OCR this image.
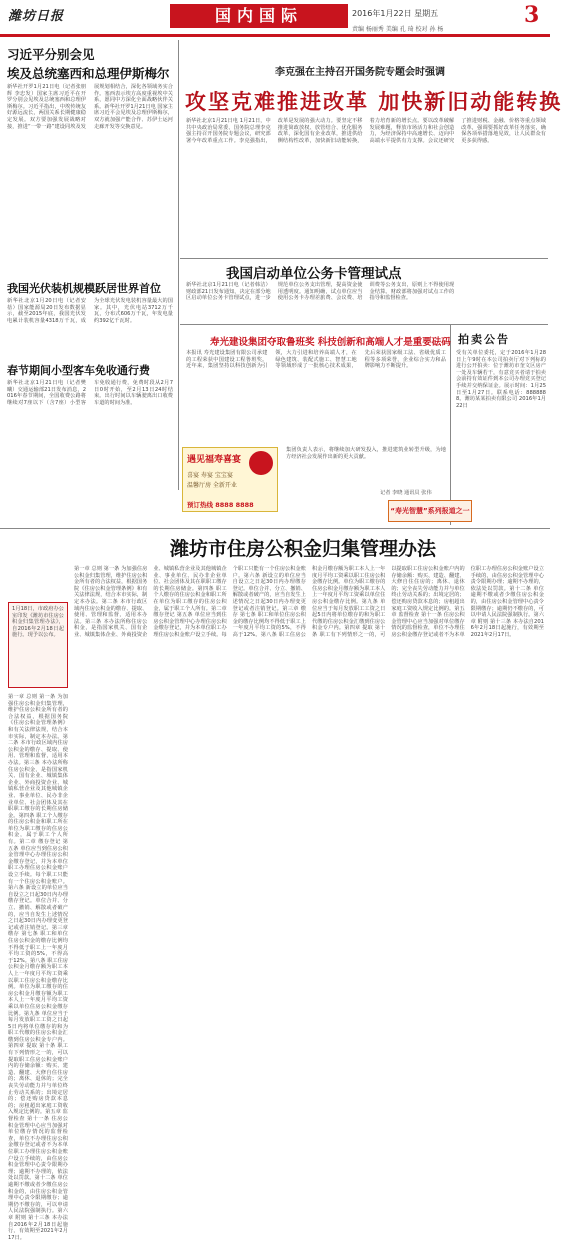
潍坊日报	国内国际	2016年1月22日 星期五	3
责编 杨丽秀 美编 孔 琦 校对 孙 杨
习近平分别会见
埃及总统塞西和总理伊斯梅尔
新华社开罗1月21日电（记者张朋辉 李忠发）国家主席习近平在开罗分别会见埃及总统塞西和总理伊斯梅尔。习近平指出，中埃传统友好源远流长，两国关系长期健康稳定发展。双方要加强发展战略对接，推进“一带一路”建设同埃及发展规划相结合，深化各领域务实合作。塞西表示埃方高度重视埃中关系，愿同中方深化全面战略伙伴关系。新华社开罗1月21日电 国家主席习近平会见埃及总理伊斯梅尔，双方就加强产能合作、苏伊士运河走廊开发等交换意见。
我国光伏装机规模跃居世界首位
新华社北京1月20日电（记者安蓓）国家能源局20日发布数据显示，截至2015年底，我国光伏发电累计装机容量4318万千瓦，成为全球光伏发电装机容量最大的国家。其中，光伏电站3712万千瓦，分布式606万千瓦，年发电量约392亿千瓦时。
春节期间小型客车免收通行费
新华社北京1月21日电（记者樊曦）交通运输部21日发布消息，2016年春节期间，全国收费公路将继续对7座以下（含7座）小型客车免收通行费，免费时段从2月7日0时开始，至2月13日24时结束。出行时间以车辆驶离出口收费车道的时间为准。
李克强在主持召开国务院专题会时强调
攻坚克难推进改革 加快新旧动能转换
新华社北京1月21日电 1月21日，中共中央政治局常委、国务院总理李克强主持召开国务院专题会议，研究部署今年改革重点工作。李克强指出，改革是发展的强大动力。要坚定不移推进简政放权、放管结合、优化服务改革，深化国有企业改革，推进供给侧结构性改革，加快新旧动能转换，着力培育新的增长点。要以改革破解发展难题，释放市场活力和社会创造力，为经济保持中高速增长、迈向中高端水平提供有力支撑。会议还研究了推进财税、金融、价格等重点领域改革，强调要抓好改革任务落实，确保各项举措落地见效，让人民群众有更多获得感。
我国启动单位公务卡管理试点
新华社北京1月21日电（记者韩洁）财政部21日发布通知，决定在部分地区启动单位公务卡管理试点，进一步规范单位公务支出管理，提高资金使用透明度。通知明确，试点单位应当使用公务卡办理差旅费、会议费、培训费等公务支出，原则上不得使用现金结算。财政部将加强对试点工作的指导和监督检查。
寿光建设集团夺取鲁班奖 科技创新和高端人才是重要砝码
本报讯 寿光建设集团有限公司承建的工程荣获中国建设工程鲁班奖。近年来，集团坚持以科技创新为引领，大力引进和培养高端人才，在绿色建筑、装配式施工、智慧工地等领域形成了一批核心技术成果，先后荣获国家级工法、省级优质工程等多项荣誉，企业综合实力和品牌影响力不断提升。
集团负责人表示，将继续加大研发投入，推进建筑业转型升级，为地方经济社会发展作出新的更大贡献。
记者 李晓 通讯员 张伟
“寿光智慧”系列报道之一
遇见福寿喜宴
喜宴 寿宴 宝宝宴
温馨厅房 全新开业
预订热线 8888 8888
拍卖公告
受有关单位委托，定于2016年1月28日上午9时在本公司拍卖厅对下列标的进行公开拍卖：位于潍坊市奎文区房产一处及车辆若干，有意竞买者请于拍卖会前持有效证件到本公司办理竞买登记手续并交纳保证金。展示时间：1月25日至1月27日。联系电话：8888888。潍坊某某拍卖有限公司 2016年1月22日
潍坊市住房公积金归集管理办法
1月18日，市政府办公室印发《潍坊市住房公积金归集管理办法》，自2016年2月18日起施行。现予以公布。
第一章 总则 第一条 为加强住房公积金归集管理，维护住房公积金所有者的合法权益，根据国务院《住房公积金管理条例》和有关法律法规，结合本市实际，制定本办法。第二条 本市行政区域内住房公积金的缴存、提取、使用、管理和监督，适用本办法。第三条 本办法所称住房公积金，是指国家机关、国有企业、城镇集体企业、外商投资企业、城镇私营企业及其他城镇企业、事业单位、民办非企业单位、社会团体及其在职职工缴存的长期住房储金。第四条 职工个人缴存的住房公积金和职工所在单位为职工缴存的住房公积金，属于职工个人所有。第二章 缴存登记 第五条 单位应当到住房公积金管理中心办理住房公积金缴存登记，并为本单位职工办理住房公积金账户设立手续。每个职工只能有一个住房公积金账户。第六条 新设立的单位应当自设立之日起30日内办理缴存登记。单位合并、分立、撤销、解散或者破产的，应当自发生上述情况之日起30日内办理变更登记或者注销登记。第三章 缴存 第七条 职工和单位住房公积金的缴存比例均不得低于职工上一年度月平均工资的5%，不得高于12%。第八条 职工住房公积金月缴存额为职工本人上一年度月平均工资乘以职工住房公积金缴存比例。单位为职工缴存的住房公积金月缴存额为职工本人上一年度月平均工资乘以单位住房公积金缴存比例。第九条 单位应当于每月发放职工工资之日起5日内将单位缴存的和为职工代缴的住房公积金汇缴到住房公积金专户内。第四章 提取 第十条 职工有下列情形之一的，可以提取职工住房公积金账户内的存储余额：购买、建造、翻建、大修自住住房的；离休、退休的；完全丧失劳动能力并与单位终止劳动关系的；出境定居的；偿还购房贷款本息的；房租超出家庭工资收入规定比例的。第五章 监督检查 第十一条 住房公积金管理中心应当加强对单位缴存情况的监督检查，单位不办理住房公积金缴存登记或者不为本单位职工办理住房公积金账户设立手续的，由住房公积金管理中心责令限期办理；逾期不办理的，依法处以罚款。第十二条 单位逾期不缴或者少缴住房公积金的，由住房公积金管理中心责令限期缴存；逾期仍不缴存的，可以申请人民法院强制执行。第六章 附则 第十三条 本办法自2016年2月18日起施行，有效期至2021年2月17日。
第一章 总则 第一条 为加强住房公积金归集管理，维护住房公积金所有者的合法权益，根据国务院《住房公积金管理条例》和有关法律法规，结合本市实际，制定本办法。第二条 本市行政区域内住房公积金的缴存、提取、使用、管理和监督，适用本办法。第三条 本办法所称住房公积金，是指国家机关、国有企业、城镇集体企业、外商投资企业、城镇私营企业及其他城镇企业、事业单位、民办非企业单位、社会团体及其在职职工缴存的长期住房储金。第四条 职工个人缴存的住房公积金和职工所在单位为职工缴存的住房公积金，属于职工个人所有。第二章 缴存登记 第五条 单位应当到住房公积金管理中心办理住房公积金缴存登记，并为本单位职工办理住房公积金账户设立手续。每个职工只能有一个住房公积金账户。第六条 新设立的单位应当自设立之日起30日内办理缴存登记。单位合并、分立、撤销、解散或者破产的，应当自发生上述情况之日起30日内办理变更登记或者注销登记。第三章 缴存 第七条 职工和单位住房公积金的缴存比例均不得低于职工上一年度月平均工资的5%，不得高于12%。第八条 职工住房公积金月缴存额为职工本人上一年度月平均工资乘以职工住房公积金缴存比例。单位为职工缴存的住房公积金月缴存额为职工本人上一年度月平均工资乘以单位住房公积金缴存比例。第九条 单位应当于每月发放职工工资之日起5日内将单位缴存的和为职工代缴的住房公积金汇缴到住房公积金专户内。第四章 提取 第十条 职工有下列情形之一的，可以提取职工住房公积金账户内的存储余额：购买、建造、翻建、大修自住住房的；离休、退休的；完全丧失劳动能力并与单位终止劳动关系的；出境定居的；偿还购房贷款本息的；房租超出家庭工资收入规定比例的。第五章 监督检查 第十一条 住房公积金管理中心应当加强对单位缴存情况的监督检查，单位不办理住房公积金缴存登记或者不为本单位职工办理住房公积金账户设立手续的，由住房公积金管理中心责令限期办理；逾期不办理的，依法处以罚款。第十二条 单位逾期不缴或者少缴住房公积金的，由住房公积金管理中心责令限期缴存；逾期仍不缴存的，可以申请人民法院强制执行。第六章 附则 第十三条 本办法自2016年2月18日起施行，有效期至2021年2月17日。
